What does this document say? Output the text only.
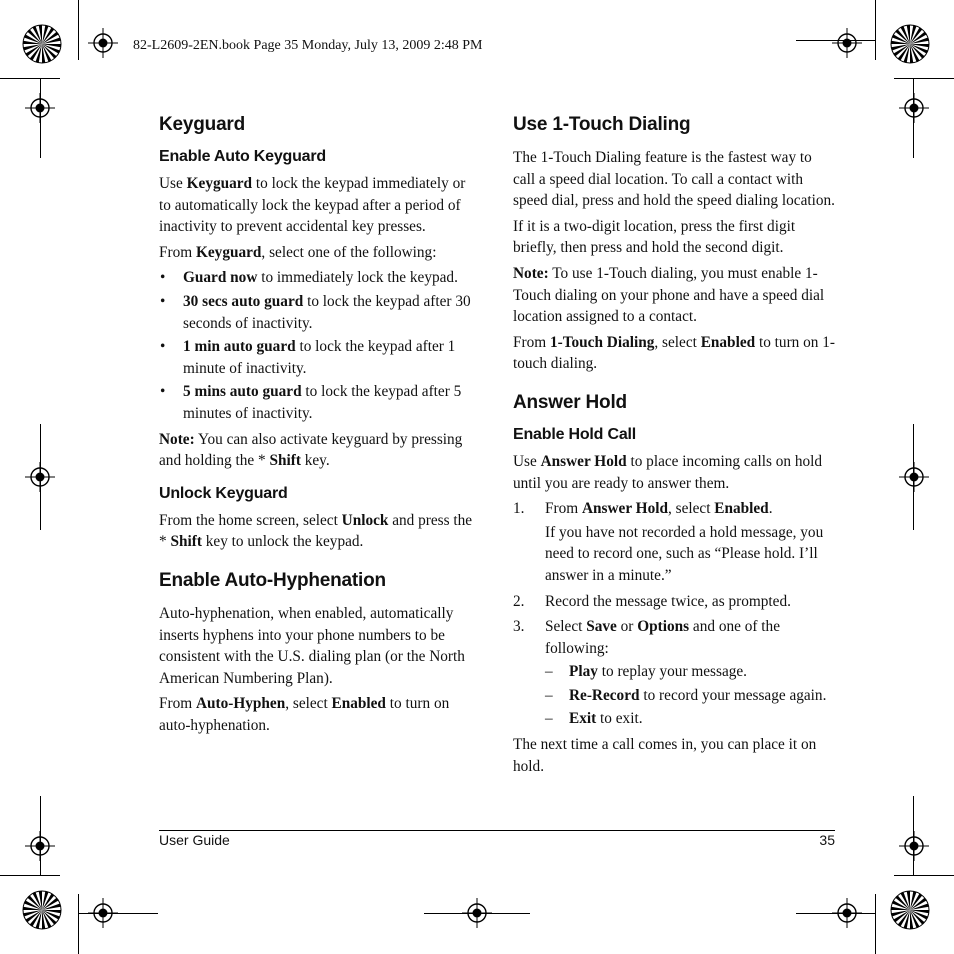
82-L2609-2EN.book Page 35 Monday, July 13, 2009 2:48 PM
Keyguard
Enable Auto Keyguard

Use Keyguard to lock the keypad immediately or to automatically lock the keypad after a period of inactivity to prevent accidental key presses.

From Keyguard, select one of the following:

• Guard now to immediately lock the keypad.
• 30 secs auto guard to lock the keypad after 30 seconds of inactivity.
• 1 min auto guard to lock the keypad after 1 minute of inactivity.
• 5 mins auto guard to lock the keypad after 5 minutes of inactivity.

Note: You can also activate keyguard by pressing and holding the * Shift key.

Unlock Keyguard

From the home screen, select Unlock and press the * Shift key to unlock the keypad.

Enable Auto-Hyphenation

Auto-hyphenation, when enabled, automatically inserts hyphens into your phone numbers to be consistent with the U.S. dialing plan (or the North American Numbering Plan).

From Auto-Hyphen, select Enabled to turn on auto-hyphenation.

Use 1-Touch Dialing

The 1-Touch Dialing feature is the fastest way to call a speed dial location. To call a contact with speed dial, press and hold the speed dialing location.

If it is a two-digit location, press the first digit briefly, then press and hold the second digit.

Note: To use 1-Touch dialing, you must enable 1-Touch dialing on your phone and have a speed dial location assigned to a contact.

From 1-Touch Dialing, select Enabled to turn on 1-touch dialing.

Answer Hold
Enable Hold Call

Use Answer Hold to place incoming calls on hold until you are ready to answer them.

1. From Answer Hold, select Enabled.
If you have not recorded a hold message, you need to record one, such as “Please hold. I’ll answer in a minute.”
2. Record the message twice, as prompted.
3. Select Save or Options and one of the following:
– Play to replay your message.
– Re-Record to record your message again.
– Exit to exit.

The next time a call comes in, you can place it on hold.

User Guide	35
